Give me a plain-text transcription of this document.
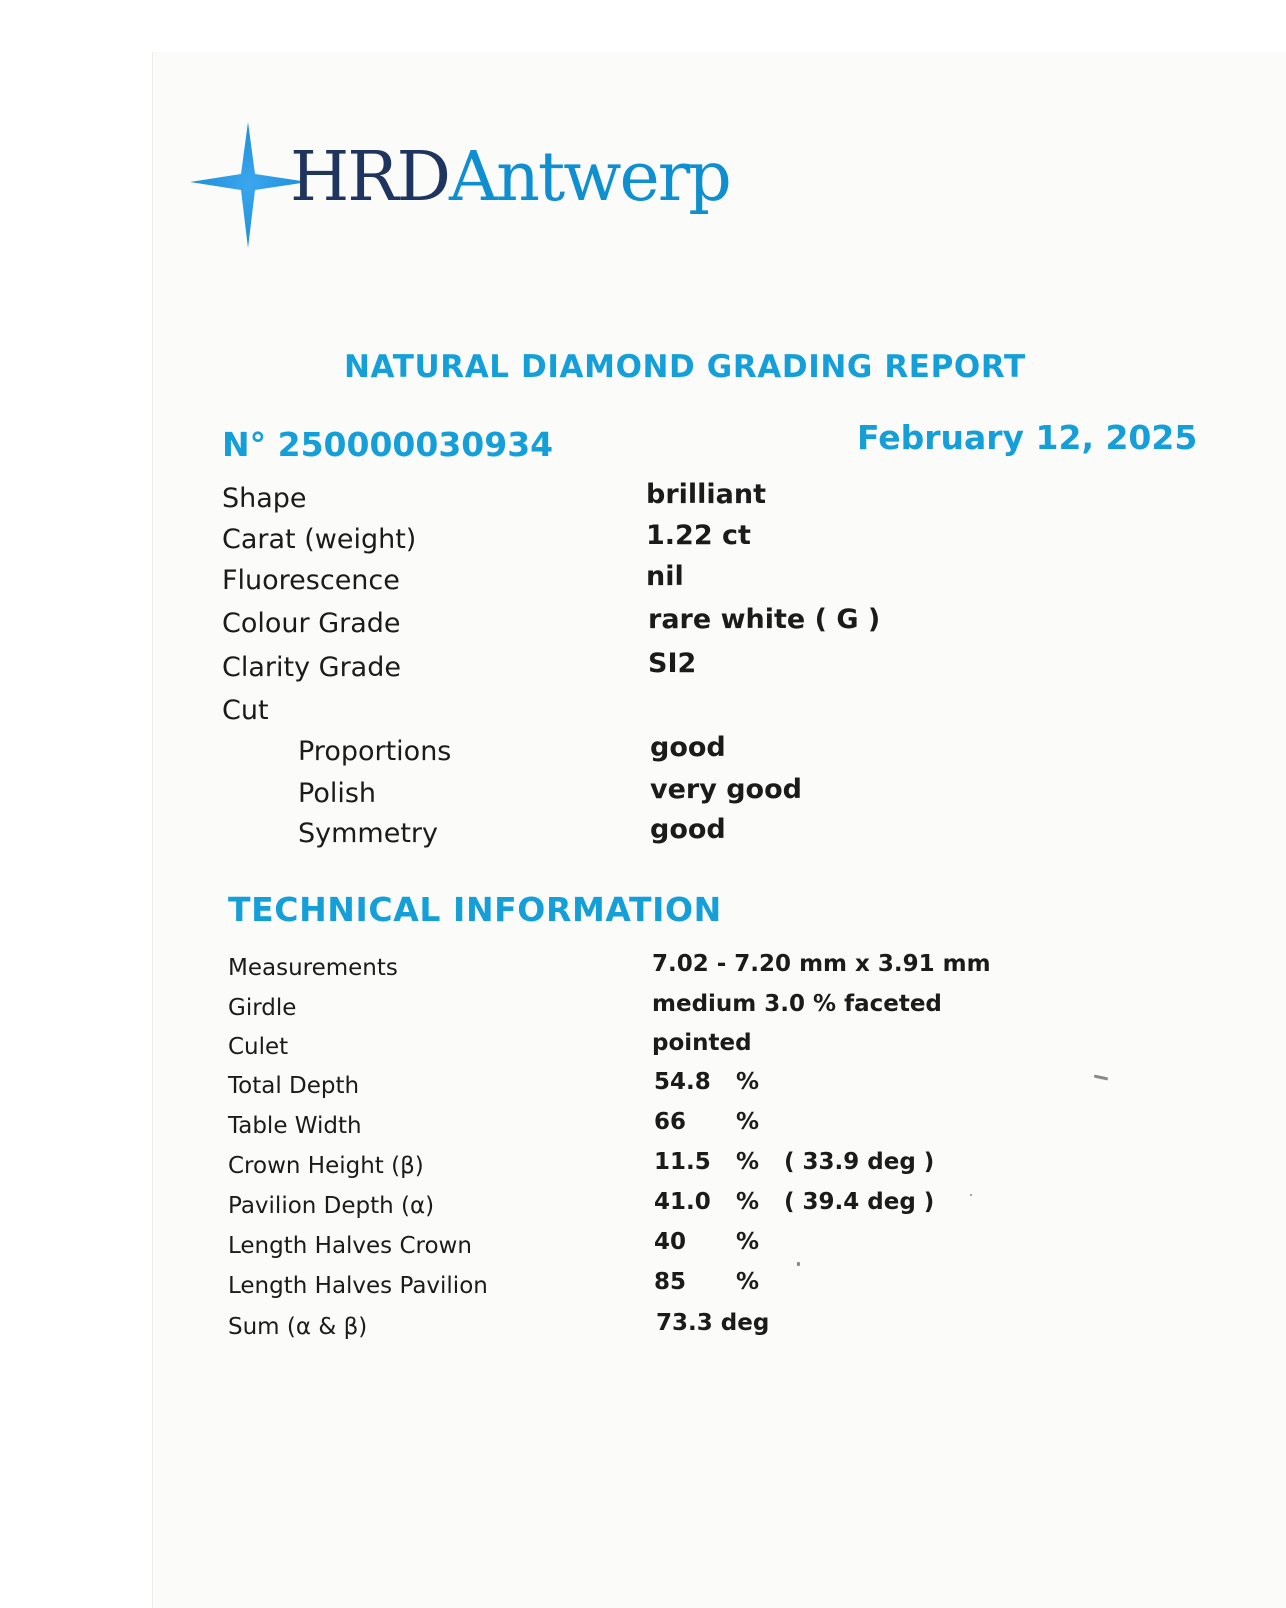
HRDAntwerp
NATURAL DIAMOND GRADING REPORT
N° 250000030934	February 12, 2025
Shape	brilliant
Carat (weight)	1.22 ct
Fluorescence	nil
Colour Grade	rare white ( G )
Clarity Grade	SI2
Cut
Proportions	good
Polish	very good
Symmetry	good
TECHNICAL INFORMATION
Measurements	7.02 - 7.20 mm x 3.91 mm
Girdle	medium 3.0 % faceted
Culet	pointed
Total Depth	54.8 %
Table Width	66 %
Crown Height (β)	11.5 % ( 33.9 deg )
Pavilion Depth (α)	41.0 % ( 39.4 deg )
Length Halves Crown	40 %
Length Halves Pavilion	85 %
Sum (α & β)	73.3 deg
